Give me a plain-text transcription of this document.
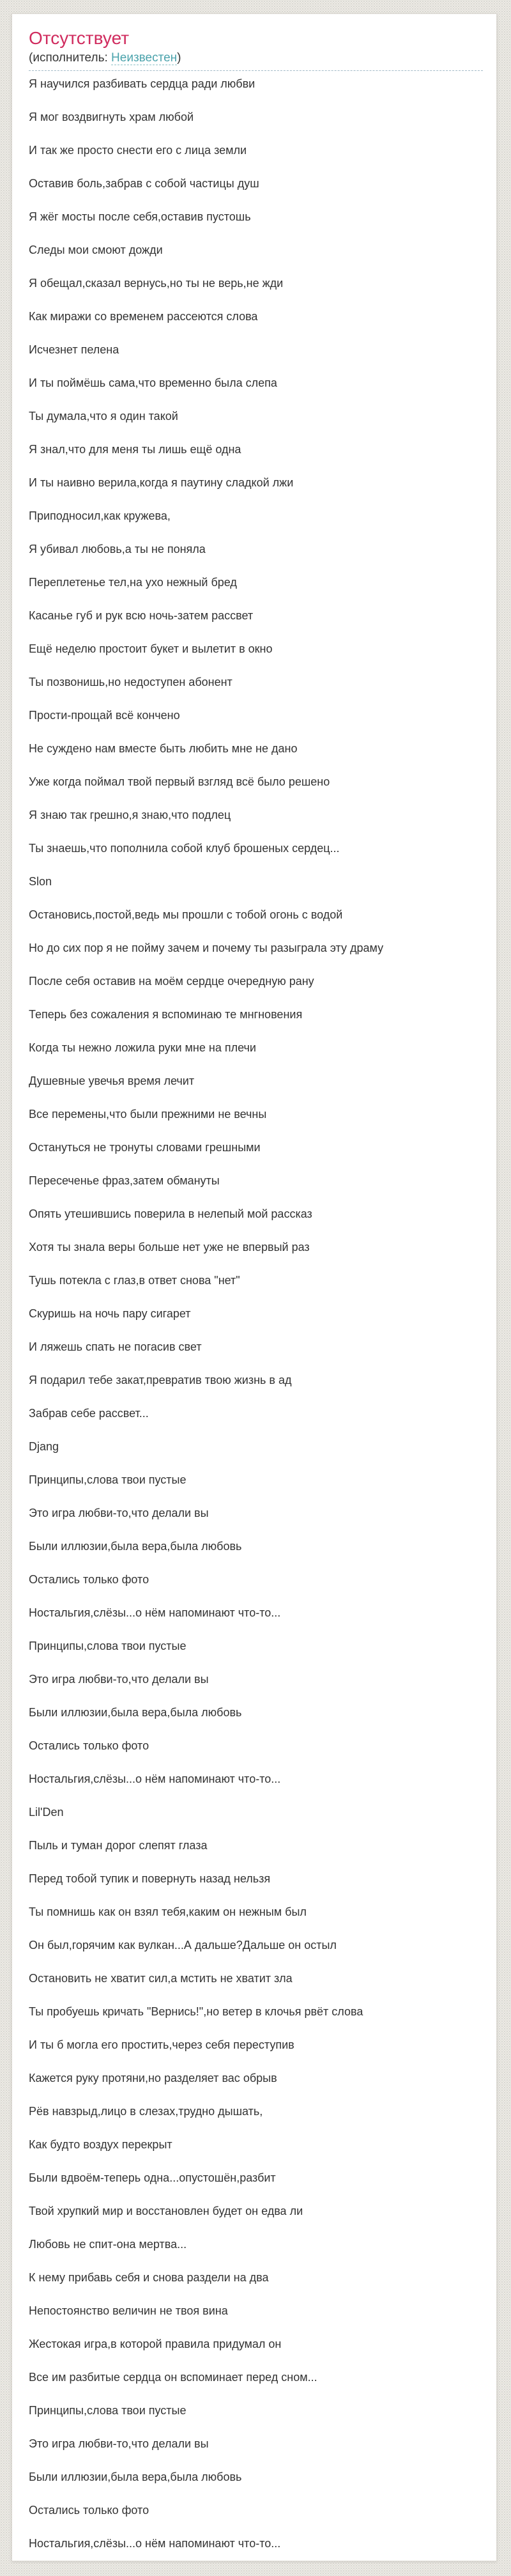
Отсутствует
(исполнитель: Неизвестен)
Я научился разбивать сердца ради любви
Я мог воздвигнуть храм любой
И так же просто снести его с лица земли
Оставив боль,забрав с собой частицы душ
Я жёг мосты после себя,оставив пустошь
Следы мои смоют дожди
Я обещал,сказал вернусь,но ты не верь,не жди
Как миражи со временем рассеются слова
Исчезнет пелена
И ты поймёшь сама,что временно была слепа
Ты думала,что я один такой
Я знал,что для меня ты лишь ещё одна
И ты наивно верила,когда я паутину сладкой лжи
Приподносил,как кружева,
Я убивал любовь,а ты не поняла
Переплетенье тел,на ухо нежный бред
Касанье губ и рук всю ночь-затем рассвет
Ещё неделю простоит букет и вылетит в окно
Ты позвонишь,но недоступен абонент
Прости-прощай всё кончено
Не суждено нам вместе быть любить мне не дано
Уже когда поймал твой первый взгляд всё было решено
Я знаю так грешно,я знаю,что подлец
Ты знаешь,что пополнила собой клуб брошеных сердец...
Slon
Остановись,постой,ведь мы прошли с тобой огонь с водой
Но до сих пор я не пойму зачем и почему ты разыграла эту драму
После себя оставив на моём сердце очередную рану
Теперь без сожаления я вспоминаю те мнгновения
Когда ты нежно ложила руки мне на плечи
Душевные увечья время лечит
Все перемены,что были прежними не вечны
Остануться не тронуты словами грешными
Пересеченье фраз,затем обмануты
Опять утешившись поверила в нелепый мой рассказ
Хотя ты знала веры больше нет уже не впервый раз
Тушь потекла с глаз,в ответ снова "нет"
Скуришь на ночь пару сигарет
И ляжешь спать не погасив свет
Я подарил тебе закат,превратив твою жизнь в ад
Забрав себе рассвет...
Djang
Принципы,слова твои пустые
Это игра любви-то,что делали вы
Были иллюзии,была вера,была любовь
Остались только фото
Ностальгия,слёзы...о нём напоминают что-то...
Принципы,слова твои пустые
Это игра любви-то,что делали вы
Были иллюзии,была вера,была любовь
Остались только фото
Ностальгия,слёзы...о нём напоминают что-то...
Lil'Den
Пыль и туман дорог слепят глаза
Перед тобой тупик и повернуть назад нельзя
Ты помнишь как он взял тебя,каким он нежным был
Он был,горячим как вулкан...А дальше?Дальше он остыл
Остановить не хватит сил,а мстить не хватит зла
Ты пробуешь кричать "Вернись!",но ветер в клочья рвёт слова
И ты б могла его простить,через себя переступив
Кажется руку протяни,но разделяет вас обрыв
Рёв навзрыд,лицо в слезах,трудно дышать,
Как будто воздух перекрыт
Были вдвоём-теперь одна...опустошён,разбит
Твой хрупкий мир и восстановлен будет он едва ли
Любовь не спит-она мертва...
К нему прибавь себя и снова раздели на два
Непостоянство величин не твоя вина
Жестокая игра,в которой правила придумал он
Все им разбитые сердца он вспоминает перед сном...
Принципы,слова твои пустые
Это игра любви-то,что делали вы
Были иллюзии,была вера,была любовь
Остались только фото
Ностальгия,слёзы...о нём напоминают что-то...
